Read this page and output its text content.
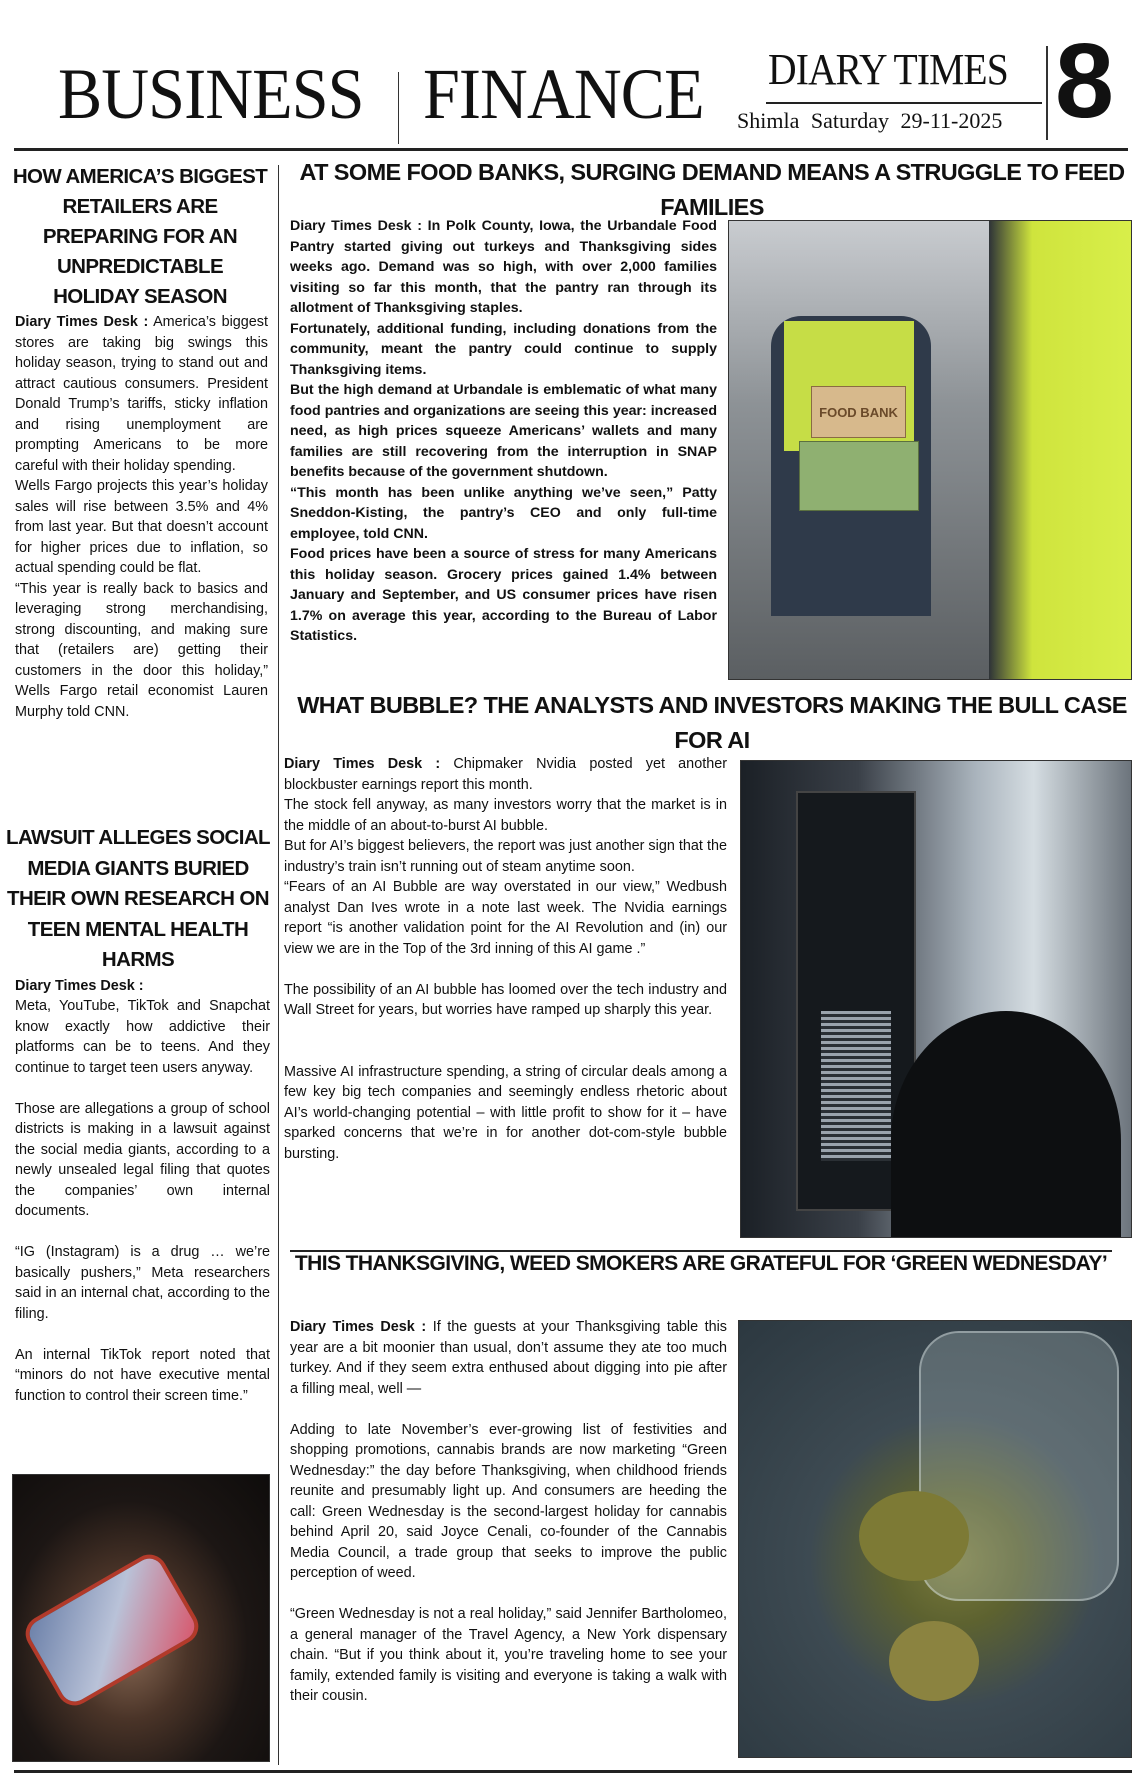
BUSINESS FINANCE DIARY TIMES
Shimla Saturday 29-11-2025 8
HOW AMERICA’S BIGGEST RETAILERS ARE PREPARING FOR AN UNPREDICTABLE HOLIDAY SEASON

Diary Times Desk : America’s biggest stores are taking big swings this holiday season, trying to stand out and attract cautious consumers. President Donald Trump’s tariffs, sticky inflation and rising unemployment are prompting Americans to be more careful with their holiday spending.

Wells Fargo projects this year’s holiday sales will rise between 3.5% and 4% from last year. But that doesn’t account for higher prices due to inflation, so actual spending could be flat.

“This year is really back to basics and leveraging strong merchandising, strong discounting, and making sure that (retailers are) getting their customers in the door this holiday,” Wells Fargo retail economist Lauren Murphy told CNN.

LAWSUIT ALLEGES SOCIAL MEDIA GIANTS BURIED THEIR OWN RESEARCH ON TEEN MENTAL HEALTH HARMS

Diary Times Desk :

Meta, YouTube, TikTok and Snapchat know exactly how addictive their platforms can be to teens. And they continue to target teen users anyway.

Those are allegations a group of school districts is making in a lawsuit against the social media giants, according to a newly unsealed legal filing that quotes the companies’ own internal documents.

“IG (Instagram) is a drug … we’re basically pushers,” Meta researchers said in an internal chat, according to the filing.

An internal TikTok report noted that “minors do not have executive mental function to control their screen time.”

AT SOME FOOD BANKS, SURGING DEMAND MEANS A STRUGGLE TO FEED FAMILIES

Diary Times Desk : In Polk County, Iowa, the Urbandale Food Pantry started giving out turkeys and Thanksgiving sides weeks ago. Demand was so high, with over 2,000 families visiting so far this month, that the pantry ran through its allotment of Thanksgiving staples.

Fortunately, additional funding, including donations from the community, meant the pantry could continue to supply Thanksgiving items.

But the high demand at Urbandale is emblematic of what many food pantries and organizations are seeing this year: increased need, as high prices squeeze Americans’ wallets and many families are still recovering from the interruption in SNAP benefits because of the government shutdown.

“This month has been unlike anything we’ve seen,” Patty Sneddon-Kisting, the pantry’s CEO and only full-time employee, told CNN.

Food prices have been a source of stress for many Americans this holiday season. Grocery prices gained 1.4% between January and September, and US consumer prices have risen 1.7% on average this year, according to the Bureau of Labor Statistics.

FOOD BANK
WHAT BUBBLE? THE ANALYSTS AND INVESTORS MAKING THE BULL CASE FOR AI

Diary Times Desk : Chipmaker Nvidia posted yet another blockbuster earnings report this month.

The stock fell anyway, as many investors worry that the market is in the middle of an about-to-burst AI bubble.

But for AI’s biggest believers, the report was just another sign that the industry’s train isn’t running out of steam anytime soon.

“Fears of an AI Bubble are way overstated in our view,” Wedbush analyst Dan Ives wrote in a note last week. The Nvidia earnings report “is another validation point for the AI Revolution and (in) our view we are in the Top of the 3rd inning of this AI game .”

The possibility of an AI bubble has loomed over the tech industry and Wall Street for years, but worries have ramped up sharply this year.

Massive AI infrastructure spending, a string of circular deals among a few key big tech companies and seemingly endless rhetoric about AI’s world-changing potential – with little profit to show for it – have sparked concerns that we’re in for another dot-com-style bubble bursting.

THIS THANKSGIVING, WEED SMOKERS ARE GRATEFUL FOR ‘GREEN WEDNESDAY’

Diary Times Desk : If the guests at your Thanksgiving table this year are a bit moonier than usual, don’t assume they ate too much turkey. And if they seem extra enthused about digging into pie after a filling meal, well —

Adding to late November’s ever-growing list of festivities and shopping promotions, cannabis brands are now marketing “Green Wednesday:” the day before Thanksgiving, when childhood friends reunite and presumably light up. And consumers are heeding the call: Green Wednesday is the second-largest holiday for cannabis behind April 20, said Joyce Cenali, co-founder of the Cannabis Media Council, a trade group that seeks to improve the public perception of weed.

“Green Wednesday is not a real holiday,” said Jennifer Bartholomeo, a general manager of the Travel Agency, a New York dispensary chain. “But if you think about it, you’re traveling home to see your family, extended family is visiting and everyone is taking a walk with their cousin.
